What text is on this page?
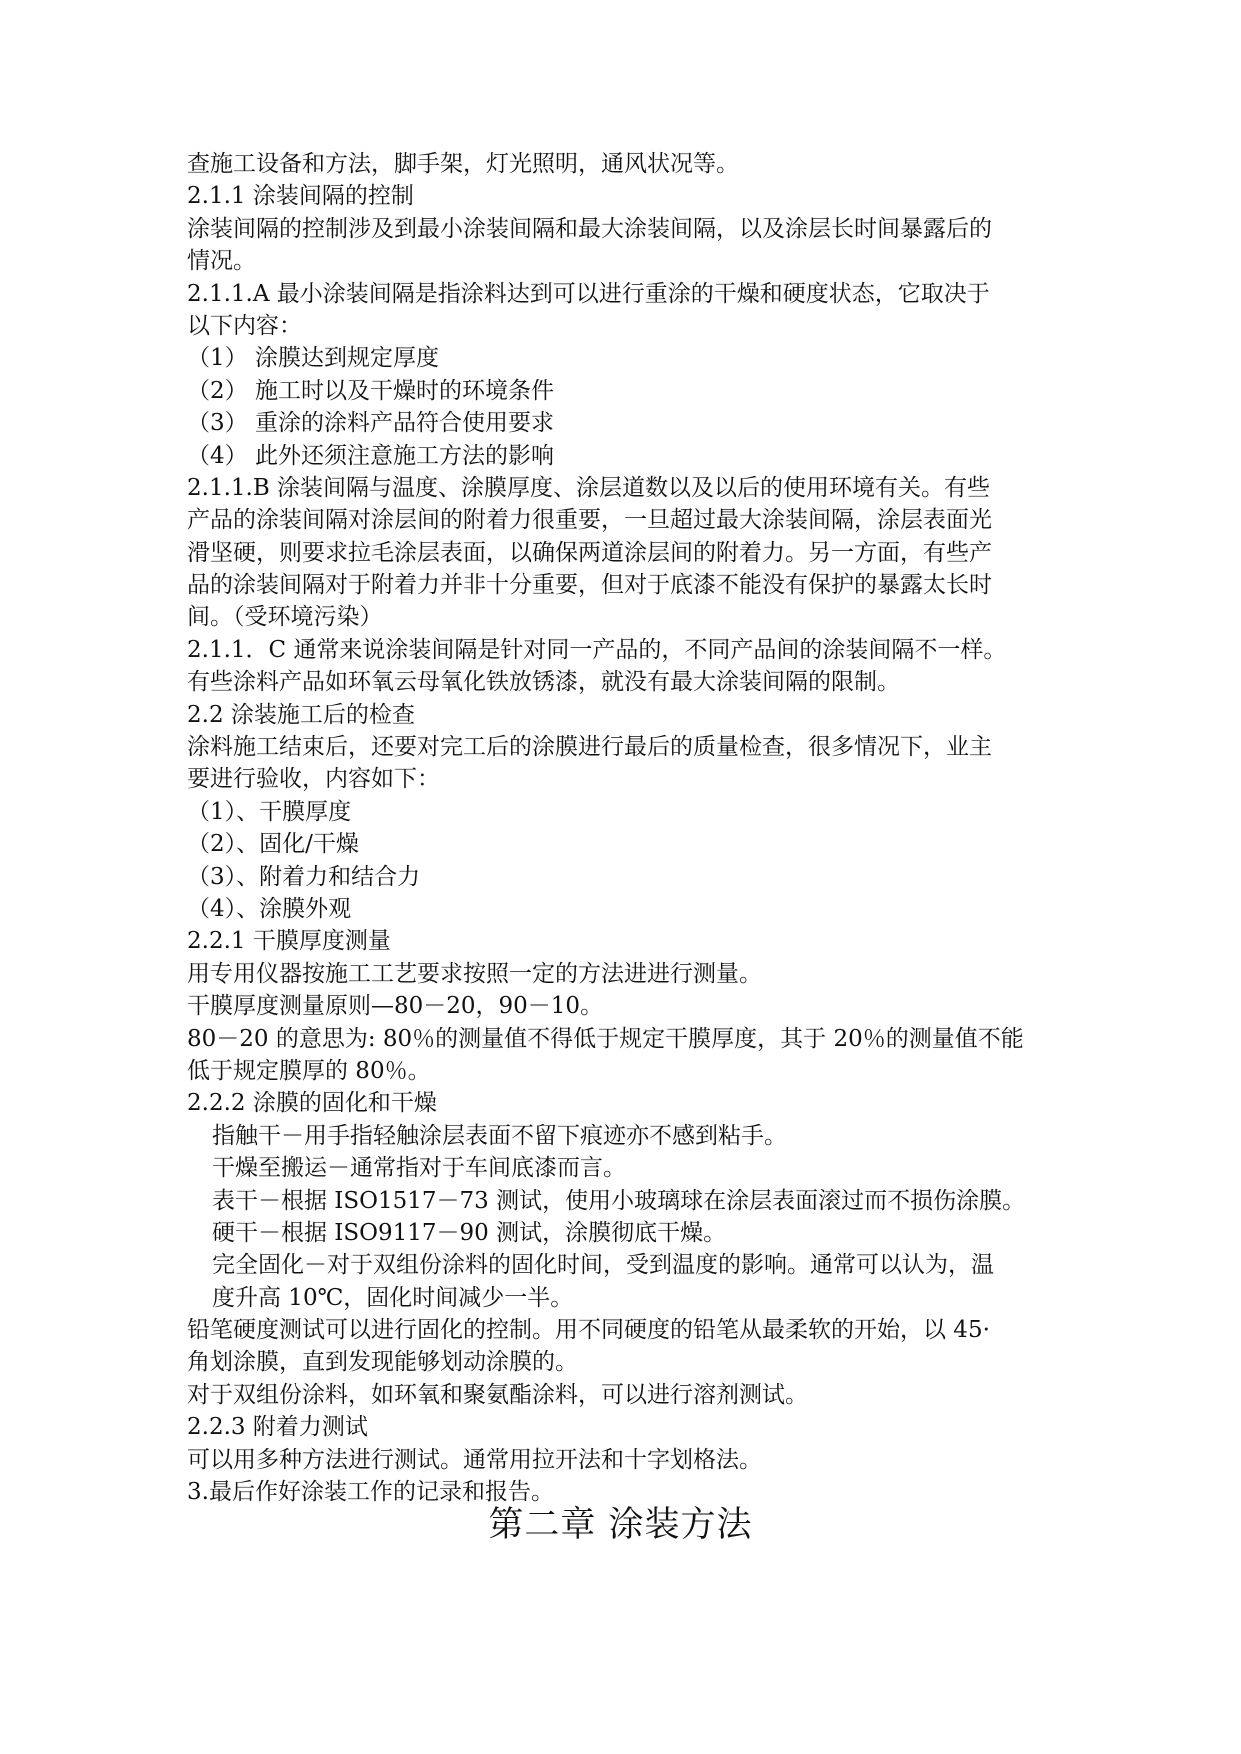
查施工设备和方法，脚手架，灯光照明，通风状况等。
2.1.1 涂装间隔的控制
涂装间隔的控制涉及到最小涂装间隔和最大涂装间隔，以及涂层长时间暴露后的
情况。
2.1.1.A 最小涂装间隔是指涂料达到可以进行重涂的干燥和硬度状态，它取决于
以下内容：
（1） 涂膜达到规定厚度
（2） 施工时以及干燥时的环境条件
（3） 重涂的涂料产品符合使用要求
（4） 此外还须注意施工方法的影响
2.1.1.B 涂装间隔与温度、涂膜厚度、涂层道数以及以后的使用环境有关。有些
产品的涂装间隔对涂层间的附着力很重要，一旦超过最大涂装间隔，涂层表面光
滑坚硬，则要求拉毛涂层表面，以确保两道涂层间的附着力。另一方面，有些产
品的涂装间隔对于附着力并非十分重要，但对于底漆不能没有保护的暴露太长时
间。（受环境污染）
2.1.1．C 通常来说涂装间隔是针对同一产品的，不同产品间的涂装间隔不一样。
有些涂料产品如环氧云母氧化铁放锈漆，就没有最大涂装间隔的限制。
2.2 涂装施工后的检查
涂料施工结束后，还要对完工后的涂膜进行最后的质量检查，很多情况下，业主
要进行验收，内容如下：
（1）、干膜厚度
（2）、固化/干燥
（3）、附着力和结合力
（4）、涂膜外观
2.2.1 干膜厚度测量
用专用仪器按施工工艺要求按照一定的方法进进行测量。
干膜厚度测量原则—80－20，90－10。
80－20 的意思为: 80％的测量值不得低于规定干膜厚度，其于 20％的测量值不能
低于规定膜厚的 80％。
2.2.2 涂膜的固化和干燥
指触干－用手指轻触涂层表面不留下痕迹亦不感到粘手。
干燥至搬运－通常指对于车间底漆而言。
表干－根据 ISO1517－73 测试，使用小玻璃球在涂层表面滚过而不损伤涂膜。
硬干－根据 ISO9117－90 测试，涂膜彻底干燥。
完全固化－对于双组份涂料的固化时间，受到温度的影响。通常可以认为，温
度升高 10℃，固化时间减少一半。
铅笔硬度测试可以进行固化的控制。用不同硬度的铅笔从最柔软的开始，以 45·
角划涂膜，直到发现能够划动涂膜的。
对于双组份涂料，如环氧和聚氨酯涂料，可以进行溶剂测试。
2.2.3 附着力测试
可以用多种方法进行测试。通常用拉开法和十字划格法。
3.最后作好涂装工作的记录和报告。
第二章 涂装方法
